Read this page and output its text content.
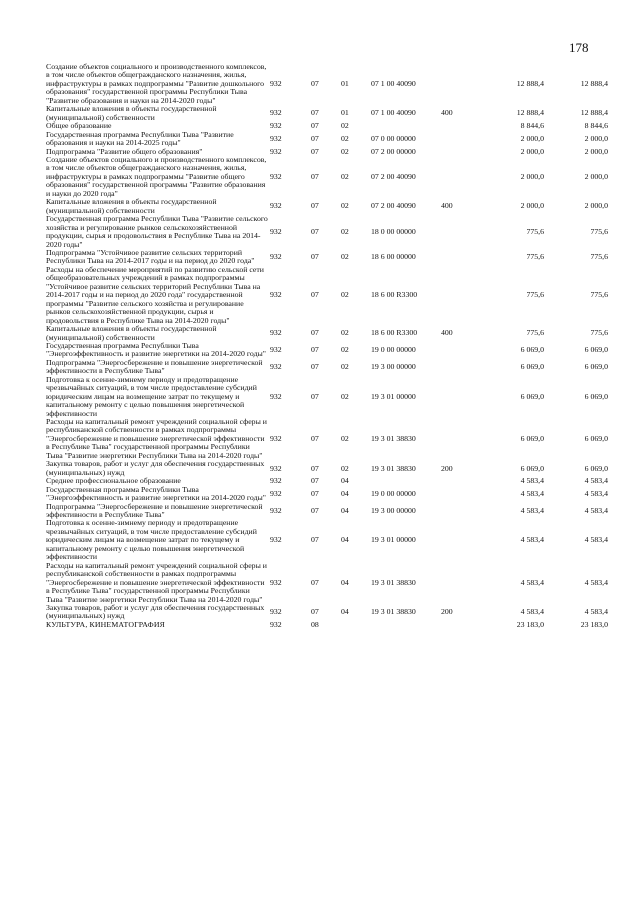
178
Создание объектов социального и производственного комплексов, в том числе объектов общегражданского назначения, жилья, инфраструктуры в рамках подпрограммы "Развитие дошкольного образования" государственной программы Республики Тыва "Развитие образования и науки на 2014-2020 годы"	932	07	01	07 1 00 40090		12 888,4	12 888,4
Капитальные вложения в объекты государственной (муниципальной) собственности	932	07	01	07 1 00 40090	400	12 888,4	12 888,4
Общее образование	932	07	02			8 844,6	8 844,6
Государственная программа Республики Тыва "Развитие образования и науки на 2014-2025 годы"	932	07	02	07 0 00 00000		2 000,0	2 000,0
Подпрограмма "Развитие общего образования"	932	07	02	07 2 00 00000		2 000,0	2 000,0
Создание объектов социального и производственного комплексов, в том числе объектов общегражданского назначения, жилья, инфраструктуры в рамках подпрограммы "Развитие общего образования" государственной программы "Развитие образования и науки до 2020 года"	932	07	02	07 2 00 40090		2 000,0	2 000,0
Капитальные вложения в объекты государственной (муниципальной) собственности	932	07	02	07 2 00 40090	400	2 000,0	2 000,0
Государственная программа Республики Тыва "Развитие сельского хозяйства и регулирование рынков сельскохозяйственной продукции, сырья и продовольствия в Республике Тыва на 2014-2020 годы"	932	07	02	18 0 00 00000		775,6	775,6
Подпрограмма "Устойчивое развитие сельских территорий Республики Тыва на 2014-2017 годы и на период до 2020 года"	932	07	02	18 6 00 00000		775,6	775,6
Расходы на обеспечение мероприятий по развитию сельской сети общеобразовательных учреждений в рамках подпрограммы "Устойчивое развитие сельских территорий Республики Тыва на 2014-2017 годы и на период до 2020 года" государственной программы "Развитие сельского хозяйства и регулирование рынков сельскохозяйственной продукции, сырья и продовольствия в Республике Тыва на 2014-2020 годы"	932	07	02	18 6 00 R3300		775,6	775,6
Капитальные вложения в объекты государственной (муниципальной) собственности	932	07	02	18 6 00 R3300	400	775,6	775,6
Государственная программа Республики Тыва "Энергоэффективность и развитие энергетики на 2014-2020 годы"	932	07	02	19 0 00 00000		6 069,0	6 069,0
Подпрограмма "Энергосбережение и повышение энергетической эффективности в Республике Тыва"	932	07	02	19 3 00 00000		6 069,0	6 069,0
Подготовка к осенне-зимнему периоду и предотвращение чрезвычайных ситуаций, в том числе предоставление субсидий юридическим лицам на возмещение затрат по текущему и капитальному ремонту с целью повышения энергетической эффективности	932	07	02	19 3 01 00000		6 069,0	6 069,0
Расходы на капитальный ремонт учреждений социальной сферы и республиканской собственности в рамках подпрограммы "Энергосбережение и повышение энергетической эффективности в Республике Тыва" государственной программы Республики Тыва "Развитие энергетики Республики Тыва на 2014-2020 годы"	932	07	02	19 3 01 38830		6 069,0	6 069,0
Закупка товаров, работ и услуг для обеспечения государственных (муниципальных) нужд	932	07	02	19 3 01 38830	200	6 069,0	6 069,0
Среднее профессиональное образование	932	07	04			4 583,4	4 583,4
Государственная программа Республики Тыва "Энергоэффективность и развитие энергетики на 2014-2020 годы"	932	07	04	19 0 00 00000		4 583,4	4 583,4
Подпрограмма "Энергосбережение и повышение энергетической эффективности в Республике Тыва"	932	07	04	19 3 00 00000		4 583,4	4 583,4
Подготовка к осенне-зимнему периоду и предотвращение чрезвычайных ситуаций, в том числе предоставление субсидий юридическим лицам на возмещение затрат по текущему и капитальному ремонту с целью повышения энергетической эффективности	932	07	04	19 3 01 00000		4 583,4	4 583,4
Расходы на капитальный ремонт учреждений социальной сферы и республиканской собственности в рамках подпрограммы "Энергосбережение и повышение энергетической эффективности в Республике Тыва" государственной программы Республики Тыва "Развитие энергетики Республики Тыва на 2014-2020 годы"	932	07	04	19 3 01 38830		4 583,4	4 583,4
Закупка товаров, работ и услуг для обеспечения государственных (муниципальных) нужд	932	07	04	19 3 01 38830	200	4 583,4	4 583,4
КУЛЬТУРА, КИНЕМАТОГРАФИЯ	932	08				23 183,0	23 183,0
